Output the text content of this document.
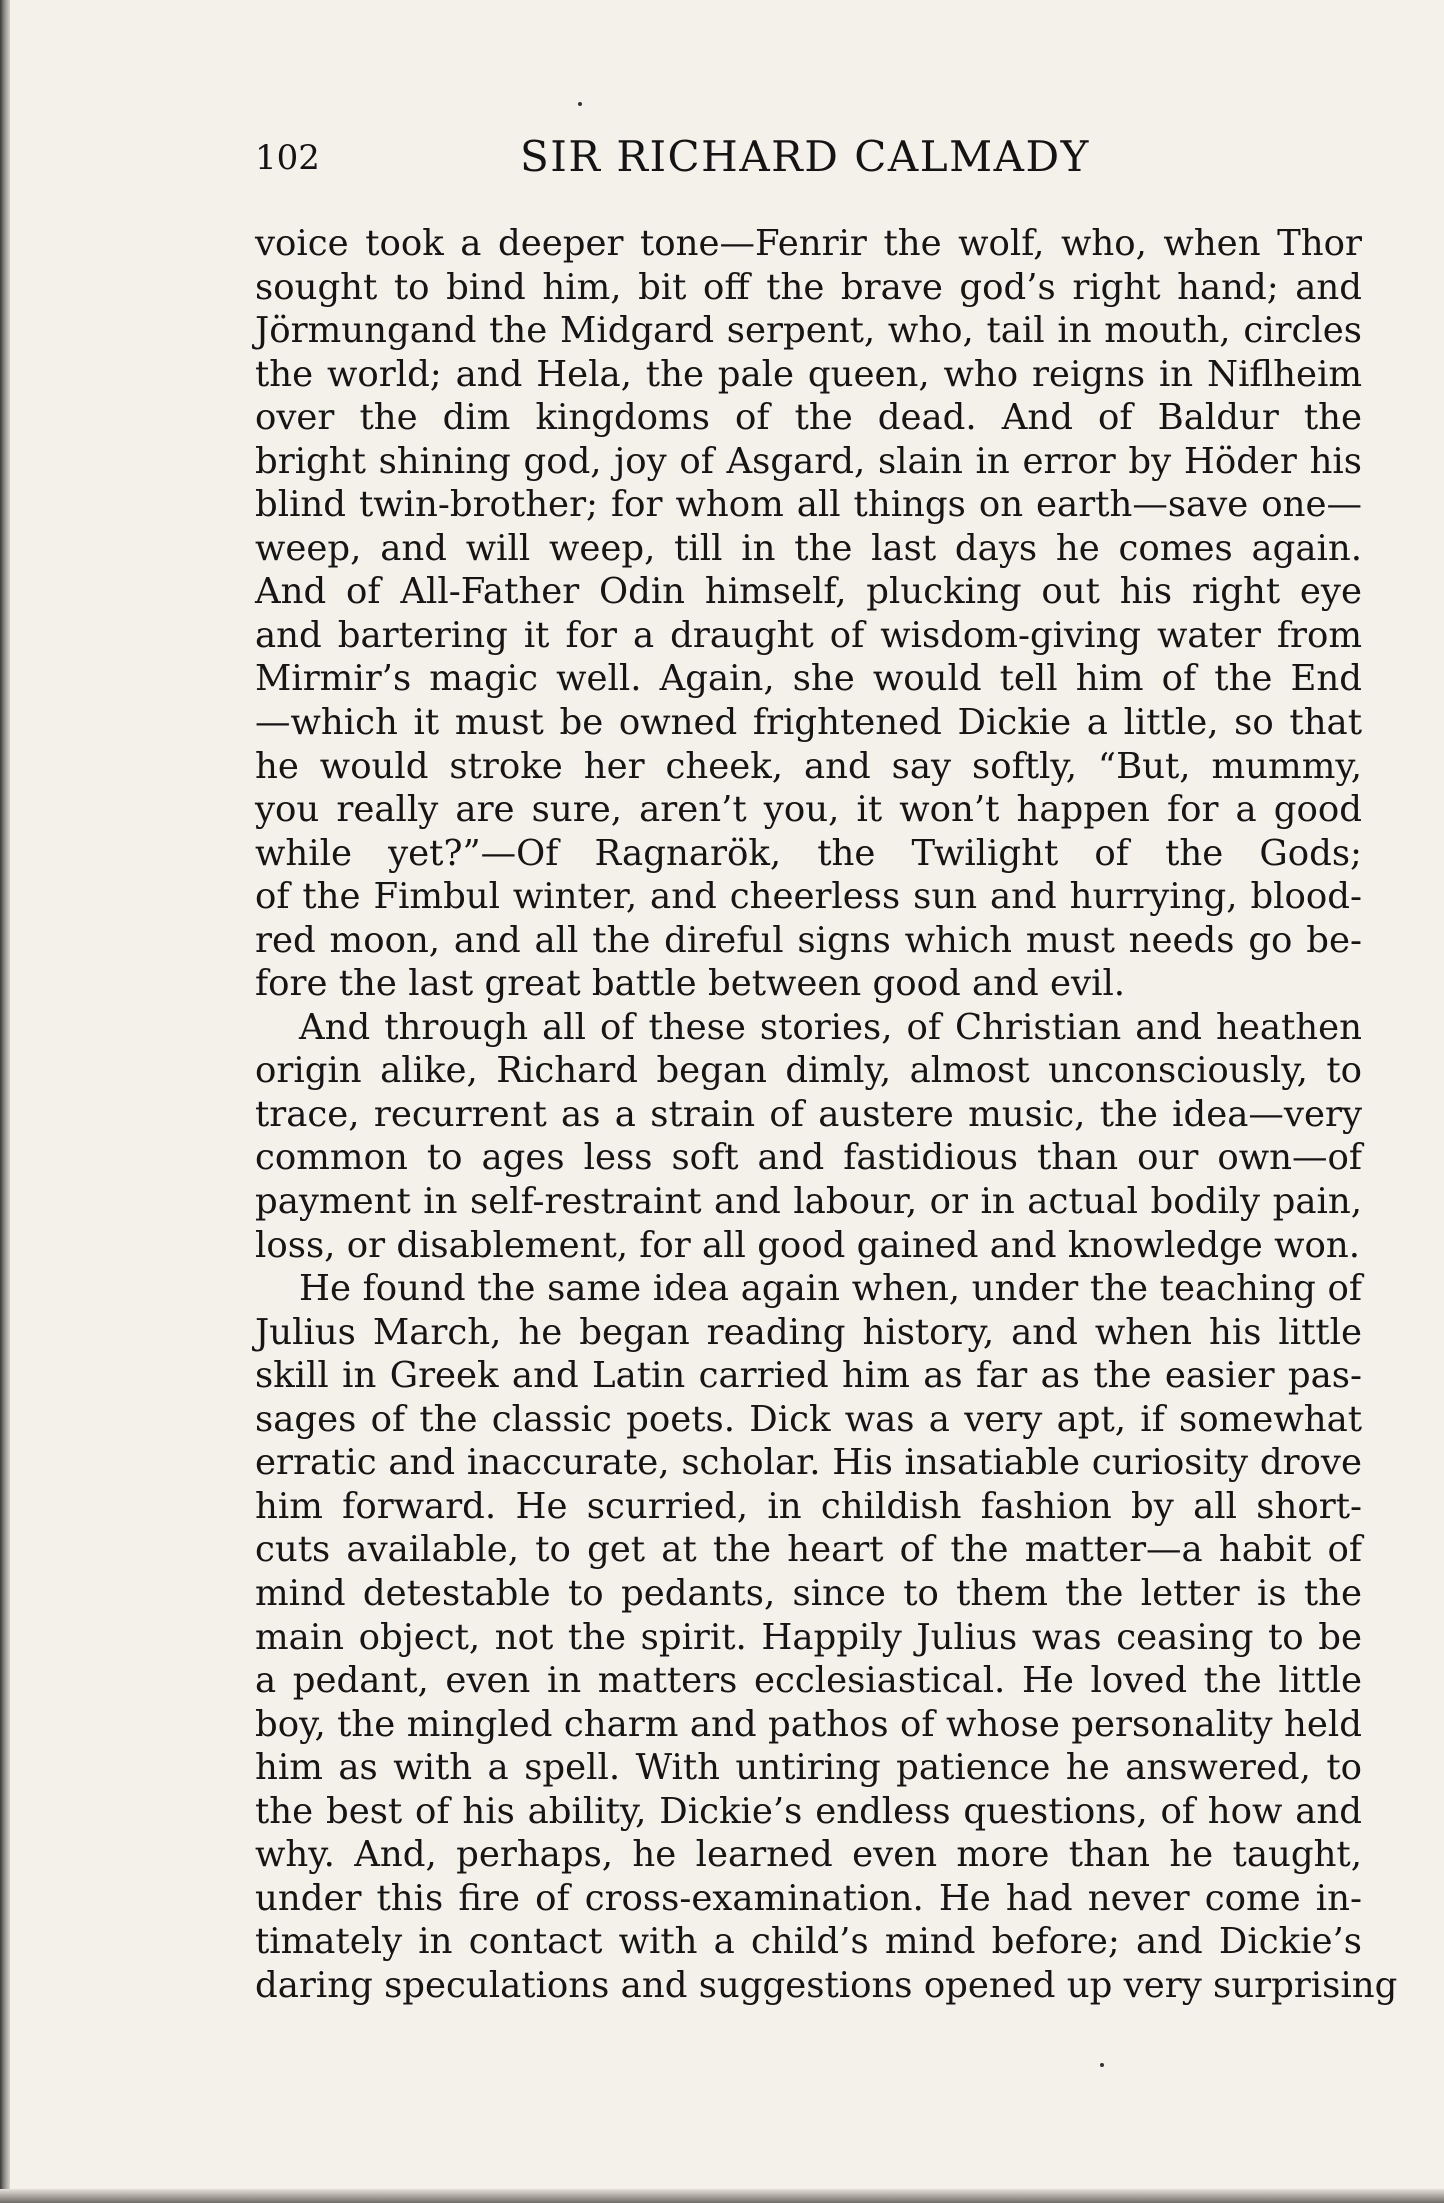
102	SIR RICHARD CALMADY
voice took a deeper tone—Fenrir the wolf, who, when Thor
sought to bind him, bit off the brave god’s right hand; and
Jörmungand the Midgard serpent, who, tail in mouth, circles
the world; and Hela, the pale queen, who reigns in Niflheim
over the dim kingdoms of the dead. And of Baldur the
bright shining god, joy of Asgard, slain in error by Höder his
blind twin-brother; for whom all things on earth—save one—
weep, and will weep, till in the last days he comes again.
And of All-Father Odin himself, plucking out his right eye
and bartering it for a draught of wisdom-giving water from
Mirmir’s magic well. Again, she would tell him of the End
—which it must be owned frightened Dickie a little, so that
he would stroke her cheek, and say softly, “But, mummy,
you really are sure, aren’t you, it won’t happen for a good
while yet?”—Of Ragnarök, the Twilight of the Gods;
of the Fimbul winter, and cheerless sun and hurrying, blood-
red moon, and all the direful signs which must needs go be-
fore the last great battle between good and evil.
And through all of these stories, of Christian and heathen
origin alike, Richard began dimly, almost unconsciously, to
trace, recurrent as a strain of austere music, the idea—very
common to ages less soft and fastidious than our own—of
payment in self-restraint and labour, or in actual bodily pain,
loss, or disablement, for all good gained and knowledge won.
He found the same idea again when, under the teaching of
Julius March, he began reading history, and when his little
skill in Greek and Latin carried him as far as the easier pas-
sages of the classic poets. Dick was a very apt, if somewhat
erratic and inaccurate, scholar. His insatiable curiosity drove
him forward. He scurried, in childish fashion by all short-
cuts available, to get at the heart of the matter—a habit of
mind detestable to pedants, since to them the letter is the
main object, not the spirit. Happily Julius was ceasing to be
a pedant, even in matters ecclesiastical. He loved the little
boy, the mingled charm and pathos of whose personality held
him as with a spell. With untiring patience he answered, to
the best of his ability, Dickie’s endless questions, of how and
why. And, perhaps, he learned even more than he taught,
under this fire of cross-examination. He had never come in-
timately in contact with a child’s mind before; and Dickie’s
daring speculations and suggestions opened up very surprising
